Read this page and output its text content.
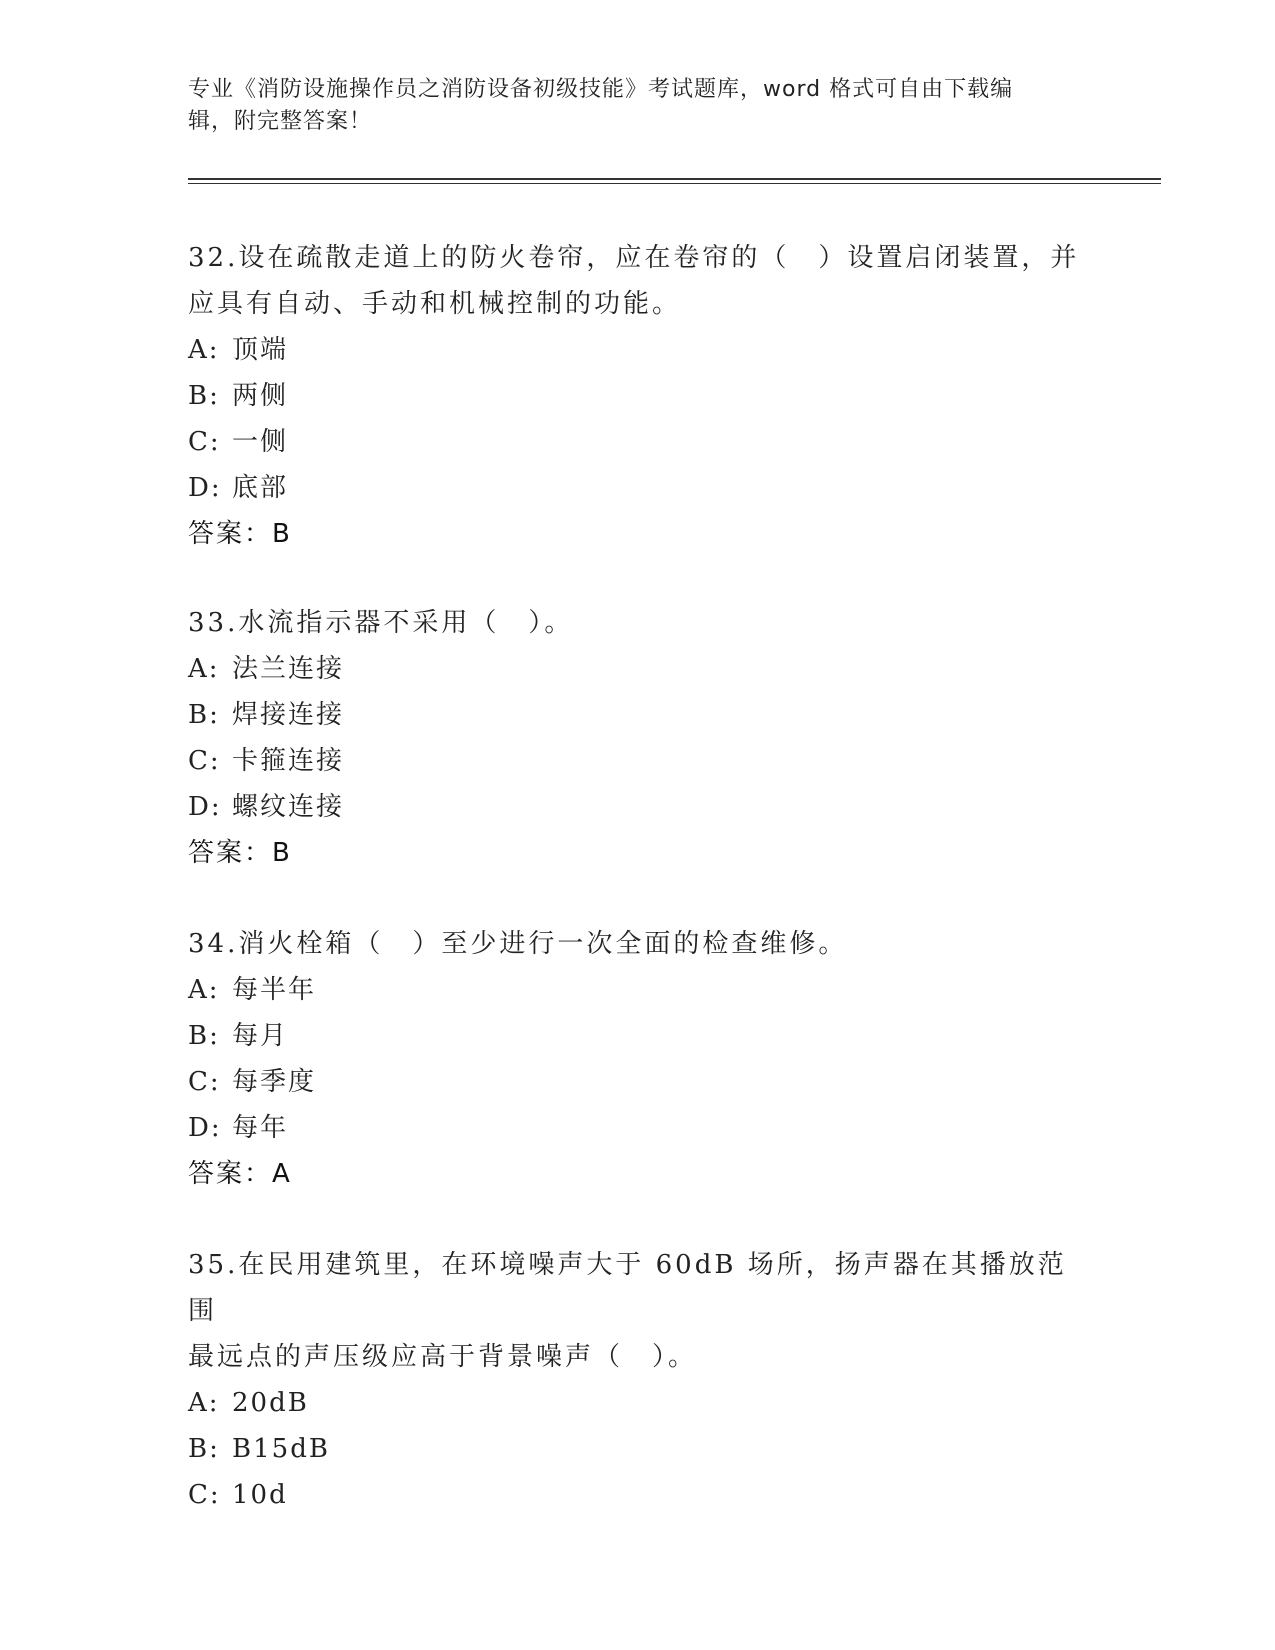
专业《消防设施操作员之消防设备初级技能》考试题库，word 格式可自由下载编
辑，附完整答案！
32.设在疏散走道上的防火卷帘，应在卷帘的（　）设置启闭装置，并
应具有自动、手动和机械控制的功能。
A: 顶端
B: 两侧
C: 一侧
D: 底部
答案：B
33.水流指示器不采用（　）。
A: 法兰连接
B: 焊接连接
C: 卡箍连接
D: 螺纹连接
答案：B
34.消火栓箱（　）至少进行一次全面的检查维修。
A: 每半年
B: 每月
C: 每季度
D: 每年
答案：A
35.在民用建筑里，在环境噪声大于 60dB 场所，扬声器在其播放范围
最远点的声压级应高于背景噪声（　）。
A: 20dB
B: B15dB
C: 10d
